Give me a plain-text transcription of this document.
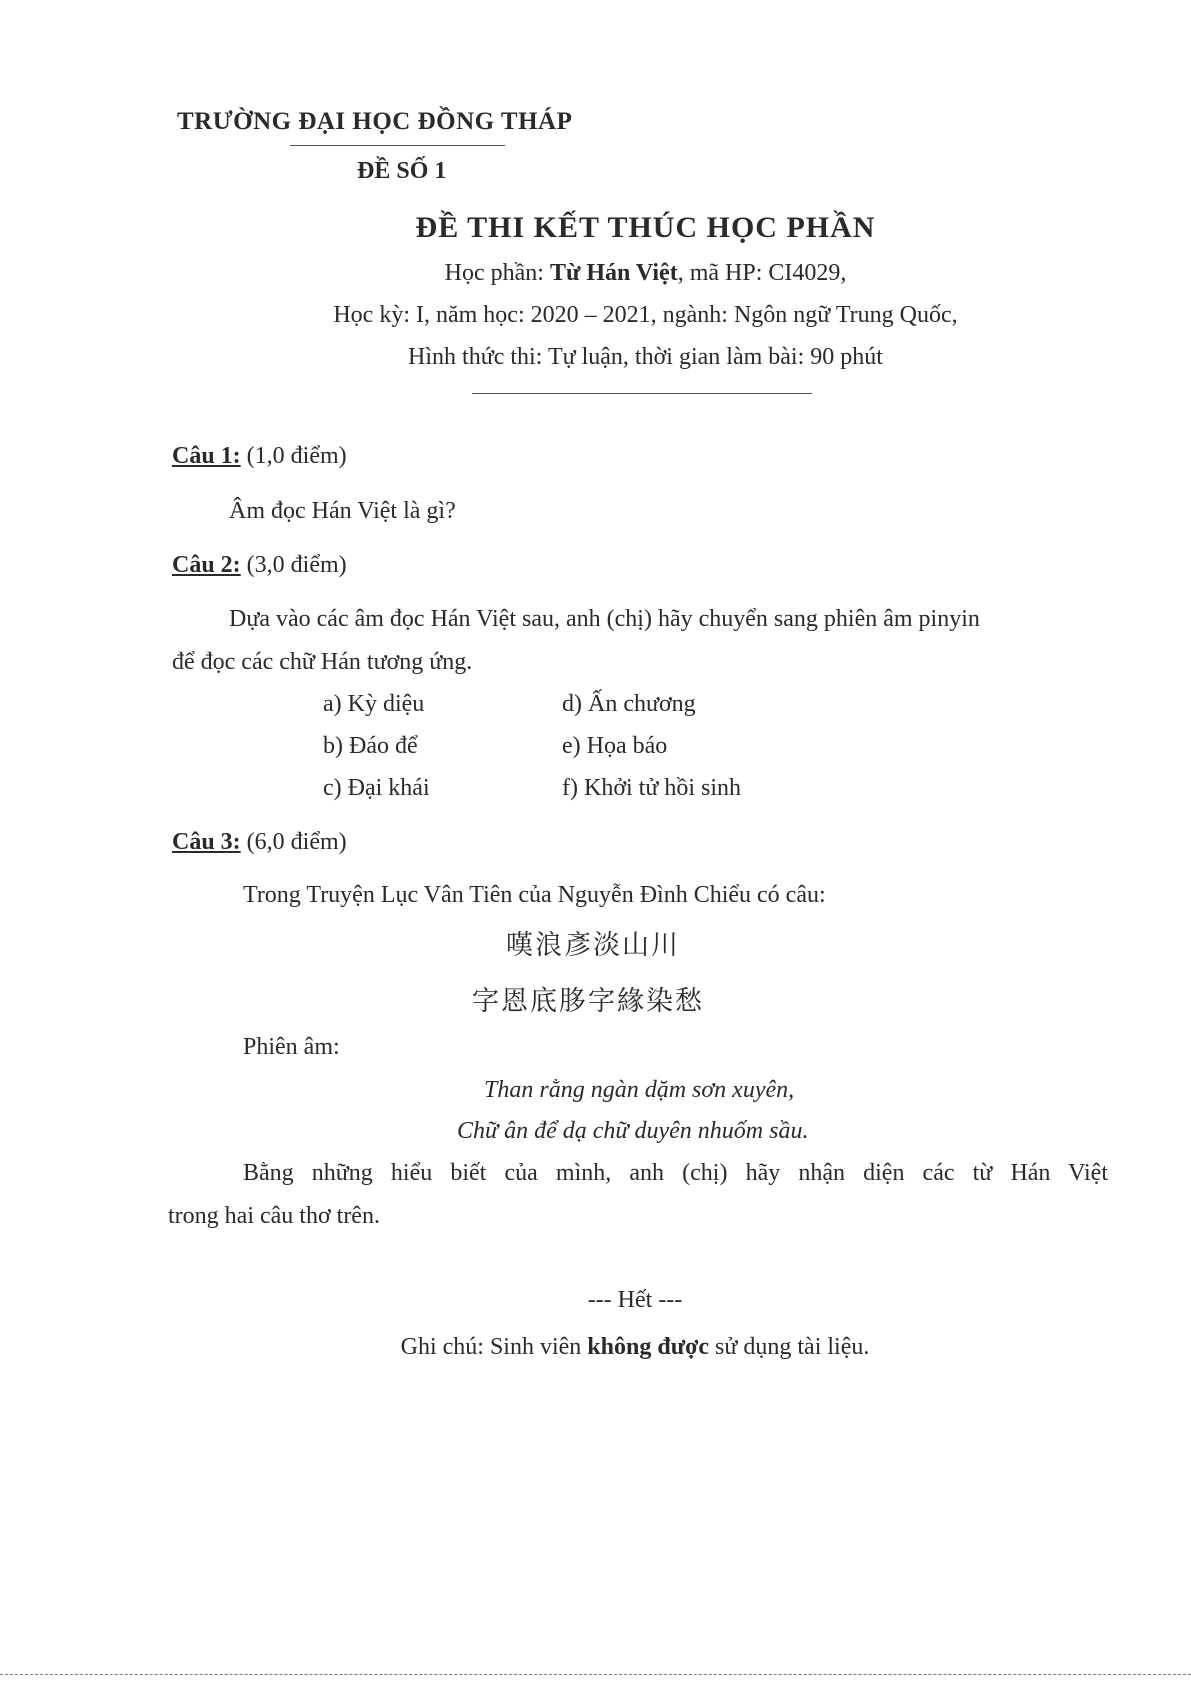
TRƯỜNG ĐẠI HỌC ĐỒNG THÁP
ĐỀ SỐ 1
ĐỀ THI KẾT THÚC HỌC PHẦN
Học phần: Từ Hán Việt, mã HP: CI4029,
Học kỳ: I, năm học: 2020 – 2021, ngành: Ngôn ngữ Trung Quốc,
Hình thức thi: Tự luận, thời gian làm bài: 90 phút
Câu 1: (1,0 điểm)
Âm đọc Hán Việt là gì?
Câu 2: (3,0 điểm)
Dựa vào các âm đọc Hán Việt sau, anh (chị) hãy chuyển sang phiên âm pinyin
để đọc các chữ Hán tương ứng.
a) Kỳ diệu
b) Đáo để
c) Đại khái
d) Ấn chương
e) Họa báo
f) Khởi tử hồi sinh
Câu 3: (6,0 điểm)
Trong Truyện Lục Vân Tiên của Nguyễn Đình Chiểu có câu:
嘆浪彥淡山川
字恩底䏧字緣染愁
Phiên âm:
Than rằng ngàn dặm sơn xuyên,
Chữ ân để dạ chữ duyên nhuốm sầu.
Bằng những hiểu biết của mình, anh (chị) hãy nhận diện các từ Hán Việt
trong hai câu thơ trên.
--- Hết ---
Ghi chú: Sinh viên không được sử dụng tài liệu.
